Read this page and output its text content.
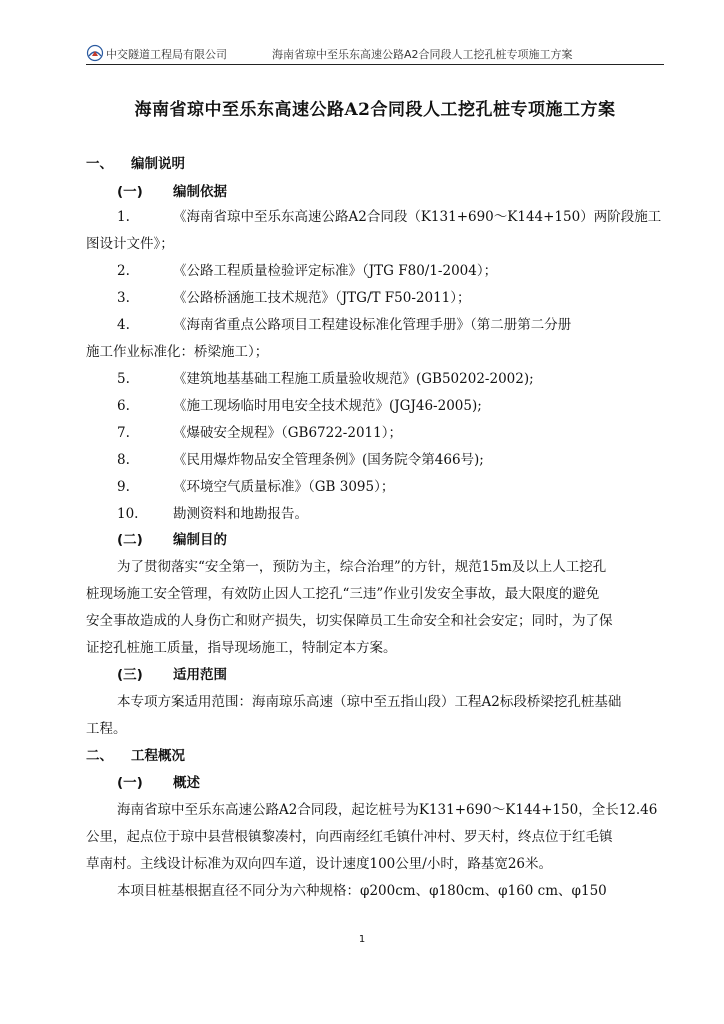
中交隧道工程局有限公司	海南省琼中至乐东高速公路A2合同段人工挖孔桩专项施工方案
海南省琼中至乐东高速公路A2合同段人工挖孔桩专项施工方案
一、 编制说明
(一) 编制依据
1.	《海南省琼中至乐东高速公路A2合同段（K131+690～K144+150）两阶段施工
图设计文件》；
2.	《公路工程质量检验评定标准》（JTG F80/1-2004）；
3.	《公路桥涵施工技术规范》（JTG/T F50-2011）；
4.	《海南省重点公路项目工程建设标准化管理手册》（第二册第二分册
施工作业标准化：桥梁施工）；
5.	《建筑地基基础工程施工质量验收规范》(GB50202-2002);
6.	《施工现场临时用电安全技术规范》(JGJ46-2005);
7.	《爆破安全规程》（GB6722-2011）；
8.	《民用爆炸物品安全管理条例》(国务院令第466号);
9.	《环境空气质量标准》（GB 3095）；
10.	勘测资料和地勘报告。
(二) 编制目的
为了贯彻落实“安全第一，预防为主，综合治理”的方针，规范15m及以上人工挖孔
桩现场施工安全管理，有效防止因人工挖孔“三违”作业引发安全事故，最大限度的避免
安全事故造成的人身伤亡和财产损失，切实保障员工生命安全和社会安定；同时，为了保
证挖孔桩施工质量，指导现场施工，特制定本方案。
(三) 适用范围
本专项方案适用范围：海南琼乐高速（琼中至五指山段）工程A2标段桥梁挖孔桩基础
工程。
二、 工程概况
(一) 概述
海南省琼中至乐东高速公路A2合同段，起讫桩号为K131+690～K144+150，全长12.46
公里，起点位于琼中县营根镇黎凑村，向西南经红毛镇什冲村、罗天村，终点位于红毛镇
草南村。主线设计标准为双向四车道，设计速度100公里/小时，路基宽26米。
本项目桩基根据直径不同分为六种规格：φ200cm、φ180cm、φ160 cm、φ150
1
